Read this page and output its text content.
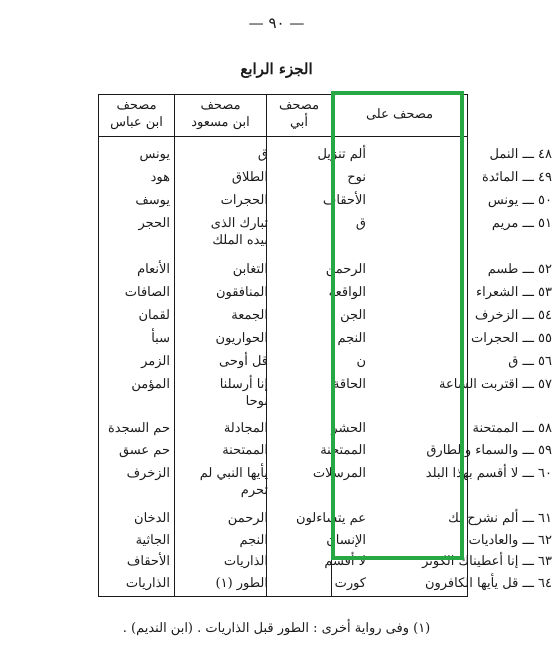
— ٩٠ —
الجزء الرابع
مصحف على
مصحف
أبي
مصحف
ابن مسعود
مصحف
ابن عباس
٤٨ ـــ النمل
ألم تنزيل
ق
يونس
٤٩ ـــ المائدة
نوح
الطلاق
هود
٥٠ ـــ يونس
الأحقاف
الحجرات
يوسف
٥١ ـــ مريم
ق
تبارك الذى
بيده الملك
الحجر
٥٢ ـــ طسم
الرحمن
التغابن
الأنعام
٥٣ ـــ الشعراء
الواقعة
المنافقون
الصافات
٥٤ ـــ الزخرف
الجن
الجمعة
لقمان
٥٥ ـــ الحجرات
النجم
الحواريون
سبأ
٥٦ ـــ ق
ن
قل أوحى
الزمر
٥٧ ـــ اقتربت الساعة
الحاقة
إنا أرسلنا
نوحا
المؤمن
٥٨ ـــ الممتحنة
الحشر
المجادلة
حم السجدة
٥٩ ـــ والسماء والطارق
الممتحنة
الممتحنة
حم عسق
٦٠ ـــ لا أقسم بهذا البلد
المرسلات
يأيها النبي لم
تحرم
الزخرف
٦١ ـــ ألم نشرح لك
عم يتساءلون
الرحمن
الدخان
٦٢ ـــ والعاديات
الإنسان
النجم
الجاثية
٦٣ ـــ إنا أعطيناك الكوثر
لا أقسم
الذاريات
الأحقاف
٦٤ ـــ قل يأيها الكافرون
كورت
الطور (١)
الذاريات
(١) وفى رواية أخرى : الطور قبل الذاريات . (ابن النديم) .
